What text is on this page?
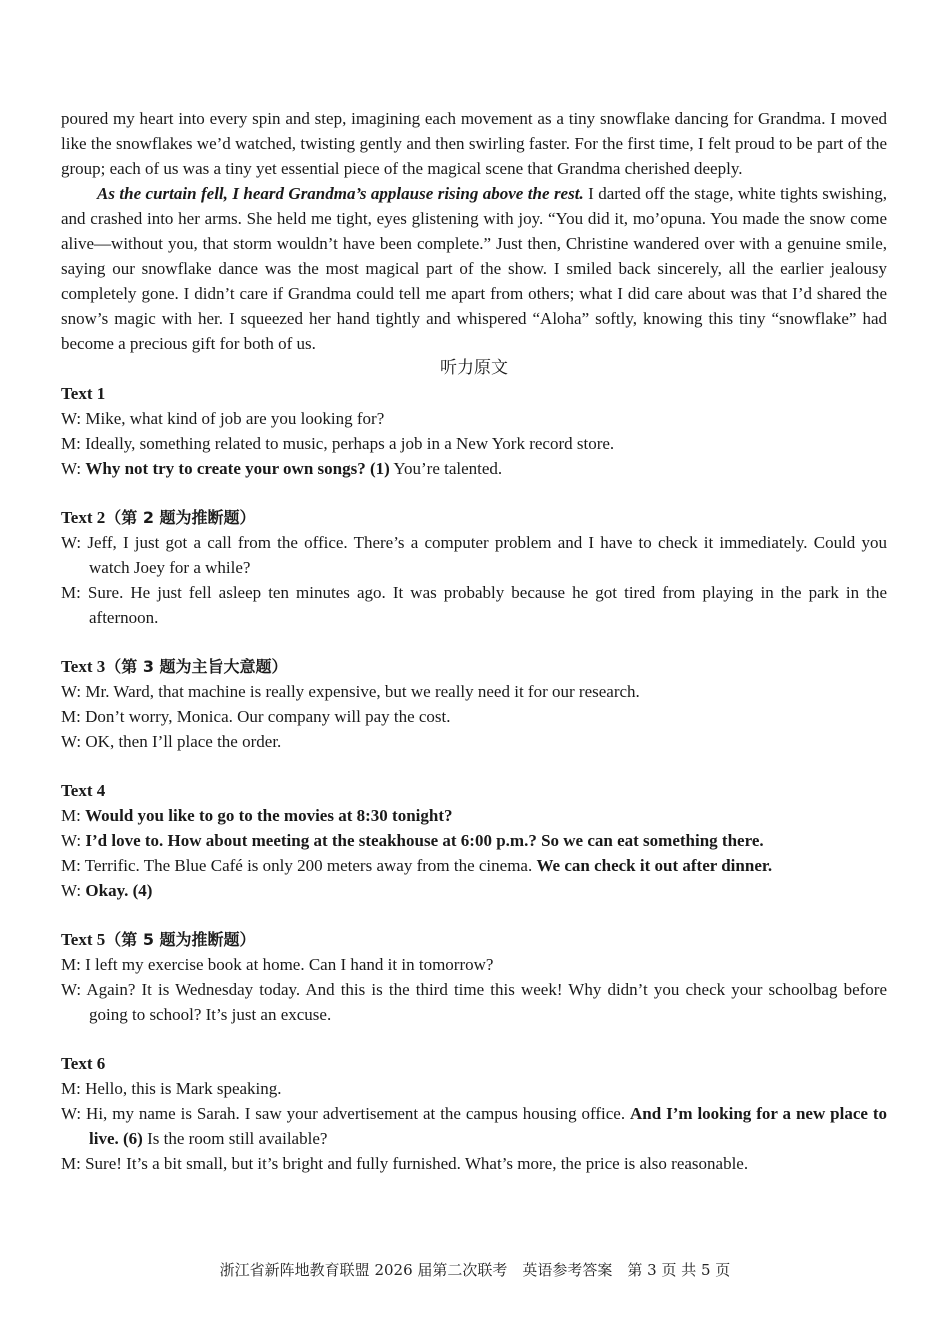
poured my heart into every spin and step, imagining each movement as a tiny snowflake dancing for Grandma. I moved like the snowflakes we’d watched, twisting gently and then swirling faster. For the first time, I felt proud to be part of the group; each of us was a tiny yet essential piece of the magical scene that Grandma cherished deeply.

As the curtain fell, I heard Grandma’s applause rising above the rest. I darted off the stage, white tights swishing, and crashed into her arms. She held me tight, eyes glistening with joy. “You did it, mo’opuna. You made the snow come alive—without you, that storm wouldn’t have been complete.” Just then, Christine wandered over with a genuine smile, saying our snowflake dance was the most magical part of the show. I smiled back sincerely, all the earlier jealousy completely gone. I didn’t care if Grandma could tell me apart from others; what I did care about was that I’d shared the snow’s magic with her. I squeezed her hand tightly and whispered “Aloha” softly, knowing this tiny “snowflake” had become a precious gift for both of us.

听力原文

Text 1

W: Mike, what kind of job are you looking for?

M: Ideally, something related to music, perhaps a job in a New York record store.

W: Why not try to create your own songs? (1) You’re talented.

Text 2（第 2 题为推断题）

W: Jeff, I just got a call from the office. There’s a computer problem and I have to check it immediately. Could you watch Joey for a while?

M: Sure. He just fell asleep ten minutes ago. It was probably because he got tired from playing in the park in the afternoon.

Text 3（第 3 题为主旨大意题）

W: Mr. Ward, that machine is really expensive, but we really need it for our research.

M: Don’t worry, Monica. Our company will pay the cost.

W: OK, then I’ll place the order.

Text 4

M: Would you like to go to the movies at 8:30 tonight?

W: I’d love to. How about meeting at the steakhouse at 6:00 p.m.? So we can eat something there.

M: Terrific. The Blue Café is only 200 meters away from the cinema. We can check it out after dinner.

W: Okay. (4)

Text 5（第 5 题为推断题）

M: I left my exercise book at home. Can I hand it in tomorrow?

W: Again? It is Wednesday today. And this is the third time this week! Why didn’t you check your schoolbag before going to school? It’s just an excuse.

Text 6

M: Hello, this is Mark speaking.

W: Hi, my name is Sarah. I saw your advertisement at the campus housing office. And I’m looking for a new place to live. (6) Is the room still available?

M: Sure! It’s a bit small, but it’s bright and fully furnished. What’s more, the price is also reasonable.

浙江省新阵地教育联盟 2026 届第二次联考　英语参考答案　第 3 页 共 5 页
